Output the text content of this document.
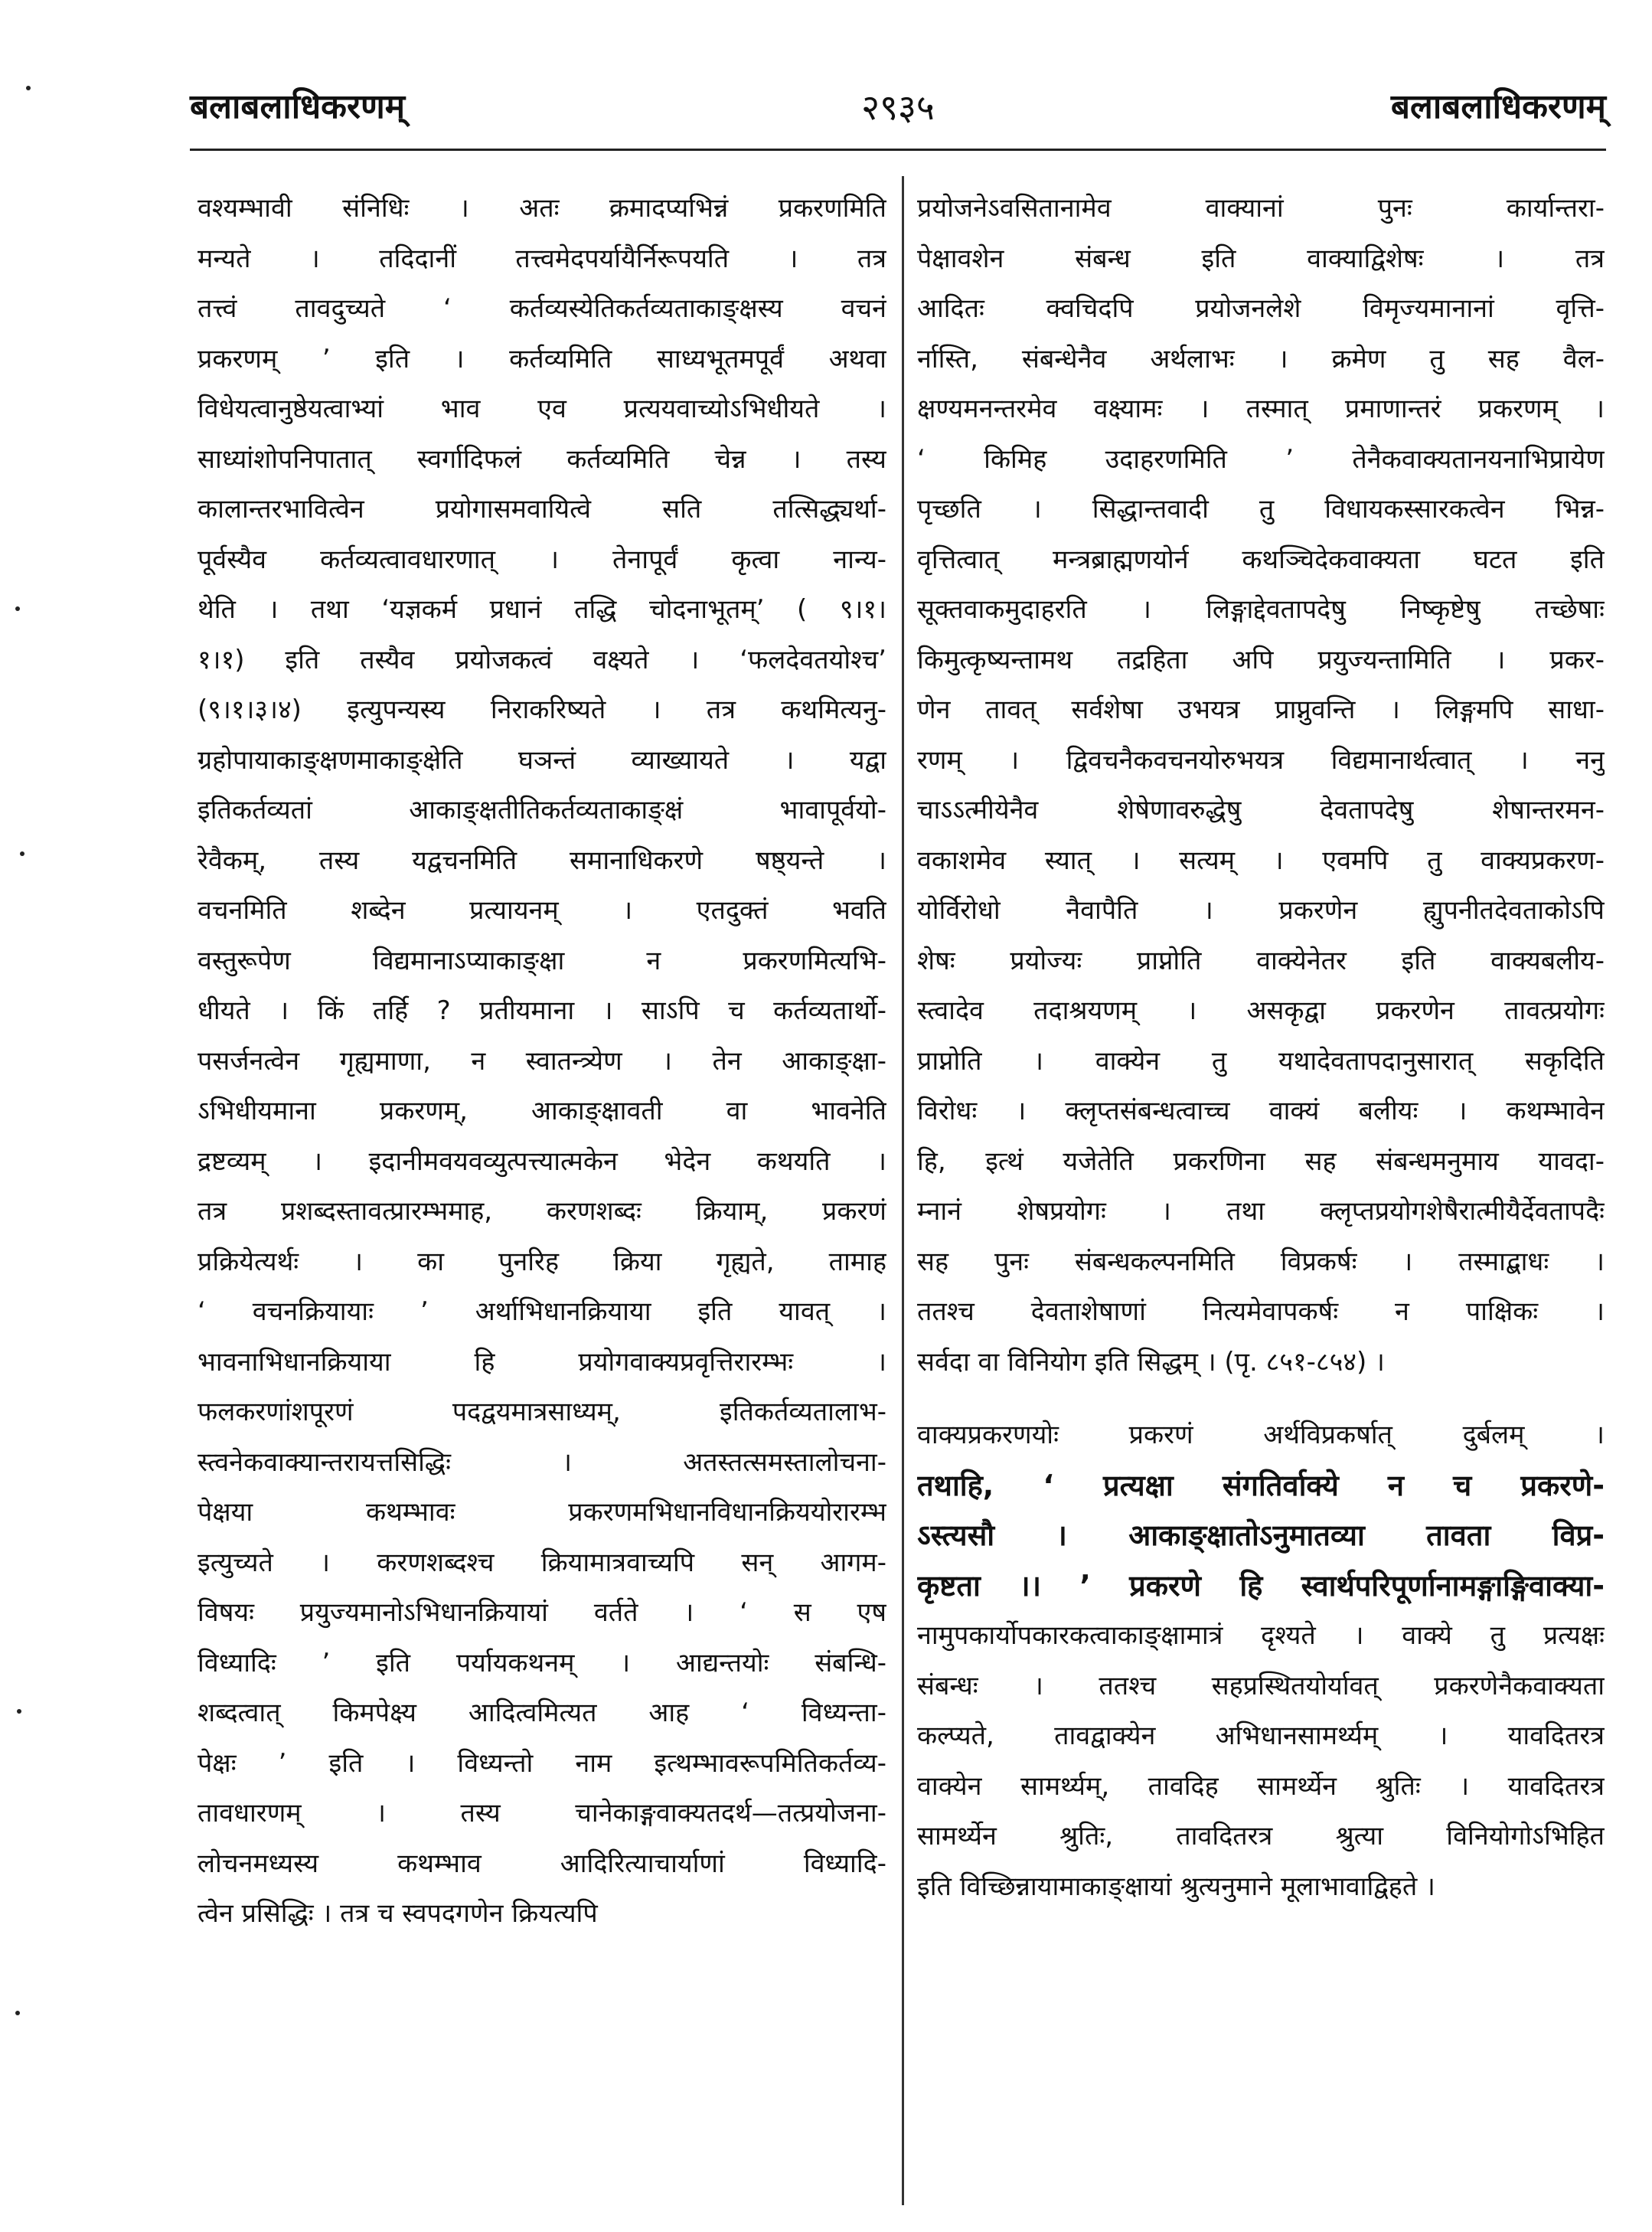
२९३५
बलाबलाधिकरणम्	बलाबलाधिकरणम्
वश्यम्भावी संनिधिः । अतः क्रमादप्यभिन्नं प्रकरणमिति
मन्यते । तदिदानीं तत्त्वमेदपर्यायैर्निरूपयति । तत्र
तत्त्वं तावदुच्यते ‘ कर्तव्यस्येतिकर्तव्यताकाङ्क्षस्य वचनं
प्रकरणम् ’ इति । कर्तव्यमिति साध्यभूतमपूर्वं अथवा
विधेयत्वानुष्ठेयत्वाभ्यां भाव एव प्रत्ययवाच्योऽभिधीयते ।
साध्यांशोपनिपातात् स्वर्गादिफलं कर्तव्यमिति चेन्न । तस्य
कालान्तरभावित्वेन प्रयोगासमवायित्वे सति तत्सिद्ध्यर्था-
पूर्वस्यैव कर्तव्यत्वावधारणात् । तेनापूर्वं कृत्वा नान्य-
थेति । तथा ‘यज्ञकर्म प्रधानं तद्धि चोदनाभूतम्’ ( ९।१।
१।१) इति तस्यैव प्रयोजकत्वं वक्ष्यते । ‘फलदेवतयोश्च’
(९।१।३।४) इत्युपन्यस्य निराकरिष्यते । तत्र कथमित्यनु-
ग्रहोपायाकाङ्क्षणमाकाङ्क्षेति घञन्तं व्याख्यायते । यद्वा
इतिकर्तव्यतां आकाङ्क्षतीतिकर्तव्यताकाङ्क्षं भावापूर्वयो-
रेवैकम्, तस्य यद्वचनमिति समानाधिकरणे षष्ठ्यन्ते ।
वचनमिति शब्देन प्रत्यायनम् । एतदुक्तं भवति
वस्तुरूपेण विद्यमानाऽप्याकाङ्क्षा न प्रकरणमित्यभि-
धीयते । किं तर्हि ? प्रतीयमाना । साऽपि च कर्तव्यतार्थो-
पसर्जनत्वेन गृह्यमाणा, न स्वातन्त्र्येण । तेन आकाङ्क्षा-
ऽभिधीयमाना प्रकरणम्, आकाङ्क्षावती वा भावनेति
द्रष्टव्यम् । इदानीमवयवव्युत्पत्त्यात्मकेन भेदेन कथयति ।
तत्र प्रशब्दस्तावत्प्रारम्भमाह, करणशब्दः क्रियाम्, प्रकरणं
प्रक्रियेत्यर्थः । का पुनरिह क्रिया गृह्यते, तामाह
‘ वचनक्रियायाः ’ अर्थाभिधानक्रियाया इति यावत् ।
भावनाभिधानक्रियाया हि प्रयोगवाक्यप्रवृत्तिरारम्भः ।
फलकरणांशपूरणं पदद्वयमात्रसाध्यम्, इतिकर्तव्यतालाभ-
स्त्वनेकवाक्यान्तरायत्तसिद्धिः । अतस्तत्समस्तालोचना-
पेक्षया कथम्भावः प्रकरणमभिधानविधानक्रिययोरारम्भ
इत्युच्यते । करणशब्दश्च क्रियामात्रवाच्यपि सन् आगम-
विषयः प्रयुज्यमानोऽभिधानक्रियायां वर्तते । ‘ स एष
विध्यादिः ’ इति पर्यायकथनम् । आद्यन्तयोः संबन्धि-
शब्दत्वात् किमपेक्ष्य आदित्वमित्यत आह ‘ विध्यन्ता-
पेक्षः ’ इति । विध्यन्तो नाम इत्थम्भावरूपमितिकर्तव्य-
तावधारणम् । तस्य चानेकाङ्गवाक्यतदर्थ—तत्प्रयोजना-
लोचनमध्यस्य कथम्भाव आदिरित्याचार्याणां विध्यादि-
त्वेन प्रसिद्धिः । तत्र च स्वपदगणेन क्रियत्यपि
प्रयोजनेऽवसितानामेव वाक्यानां पुनः कार्यान्तरा-
पेक्षावशेन संबन्ध इति वाक्याद्विशेषः । तत्र
आदितः क्वचिदपि प्रयोजनलेशे विमृज्यमानानां वृत्ति-
र्नास्ति, संबन्धेनैव अर्थलाभः । क्रमेण तु सह वैल-
क्षण्यमनन्तरमेव वक्ष्यामः । तस्मात् प्रमाणान्तरं प्रकरणम् ।
‘ किमिह उदाहरणमिति ’ तेनैकवाक्यतानयनाभिप्रायेण
पृच्छति । सिद्धान्तवादी तु विधायकस्सारकत्वेन भिन्न-
वृत्तित्वात् मन्त्रब्राह्मणयोर्न कथञ्चिदेकवाक्यता घटत इति
सूक्तवाकमुदाहरति । लिङ्गाद्देवतापदेषु निष्कृष्टेषु तच्छेषाः
किमुत्कृष्यन्तामथ तद्रहिता अपि प्रयुज्यन्तामिति । प्रकर-
णेन तावत् सर्वशेषा उभयत्र प्राप्नुवन्ति । लिङ्गमपि साधा-
रणम् । द्विवचनैकवचनयोरुभयत्र विद्यमानार्थत्वात् । ननु
चाऽऽत्मीयेनैव शेषेणावरुद्धेषु देवतापदेषु शेषान्तरमन-
वकाशमेव स्यात् । सत्यम् । एवमपि तु वाक्यप्रकरण-
योर्विरोधो नैवापैति । प्रकरणेन ह्युपनीतदेवताकोऽपि
शेषः प्रयोज्यः प्राप्नोति वाक्येनेतर इति वाक्यबलीय-
स्त्वादेव तदाश्रयणम् । असकृद्वा प्रकरणेन तावत्प्रयोगः
प्राप्नोति । वाक्येन तु यथादेवतापदानुसारात् सकृदिति
विरोधः । क्लृप्तसंबन्धत्वाच्च वाक्यं बलीयः । कथम्भावेन
हि, इत्थं यजेतेति प्रकरणिना सह संबन्धमनुमाय यावदा-
म्नानं शेषप्रयोगः । तथा क्लृप्तप्रयोगशेषैरात्मीयैर्देवतापदैः
सह पुनः संबन्धकल्पनमिति विप्रकर्षः । तस्माद्बाधः ।
ततश्च देवताशेषाणां नित्यमेवापकर्षः न पाक्षिकः ।
सर्वदा वा विनियोग इति सिद्धम् । (पृ. ८५१-८५४) ।
वाक्यप्रकरणयोः प्रकरणं अर्थविप्रकर्षात् दुर्बलम् ।
तथाहि, ‘ प्रत्यक्षा संगतिर्वाक्ये न च प्रकरणे-
ऽस्त्यसौ । आकाङ्क्षातोऽनुमातव्या तावता विप्र-
कृष्टता ।। ’ प्रकरणे हि स्वार्थपरिपूर्णानामङ्गाङ्गिवाक्या-
नामुपकार्योपकारकत्वाकाङ्क्षामात्रं दृश्यते । वाक्ये तु प्रत्यक्षः
संबन्धः । ततश्च सहप्रस्थितयोर्यावत् प्रकरणेनैकवाक्यता
कल्प्यते, तावद्वाक्येन अभिधानसामर्थ्यम् । यावदितरत्र
वाक्येन सामर्थ्यम्, तावदिह सामर्थ्येन श्रुतिः । यावदितरत्र
सामर्थ्येन श्रुतिः, तावदितरत्र श्रुत्या विनियोगोऽभिहित
इति विच्छिन्नायामाकाङ्क्षायां श्रुत्यनुमाने मूलाभावाद्विहते ।
